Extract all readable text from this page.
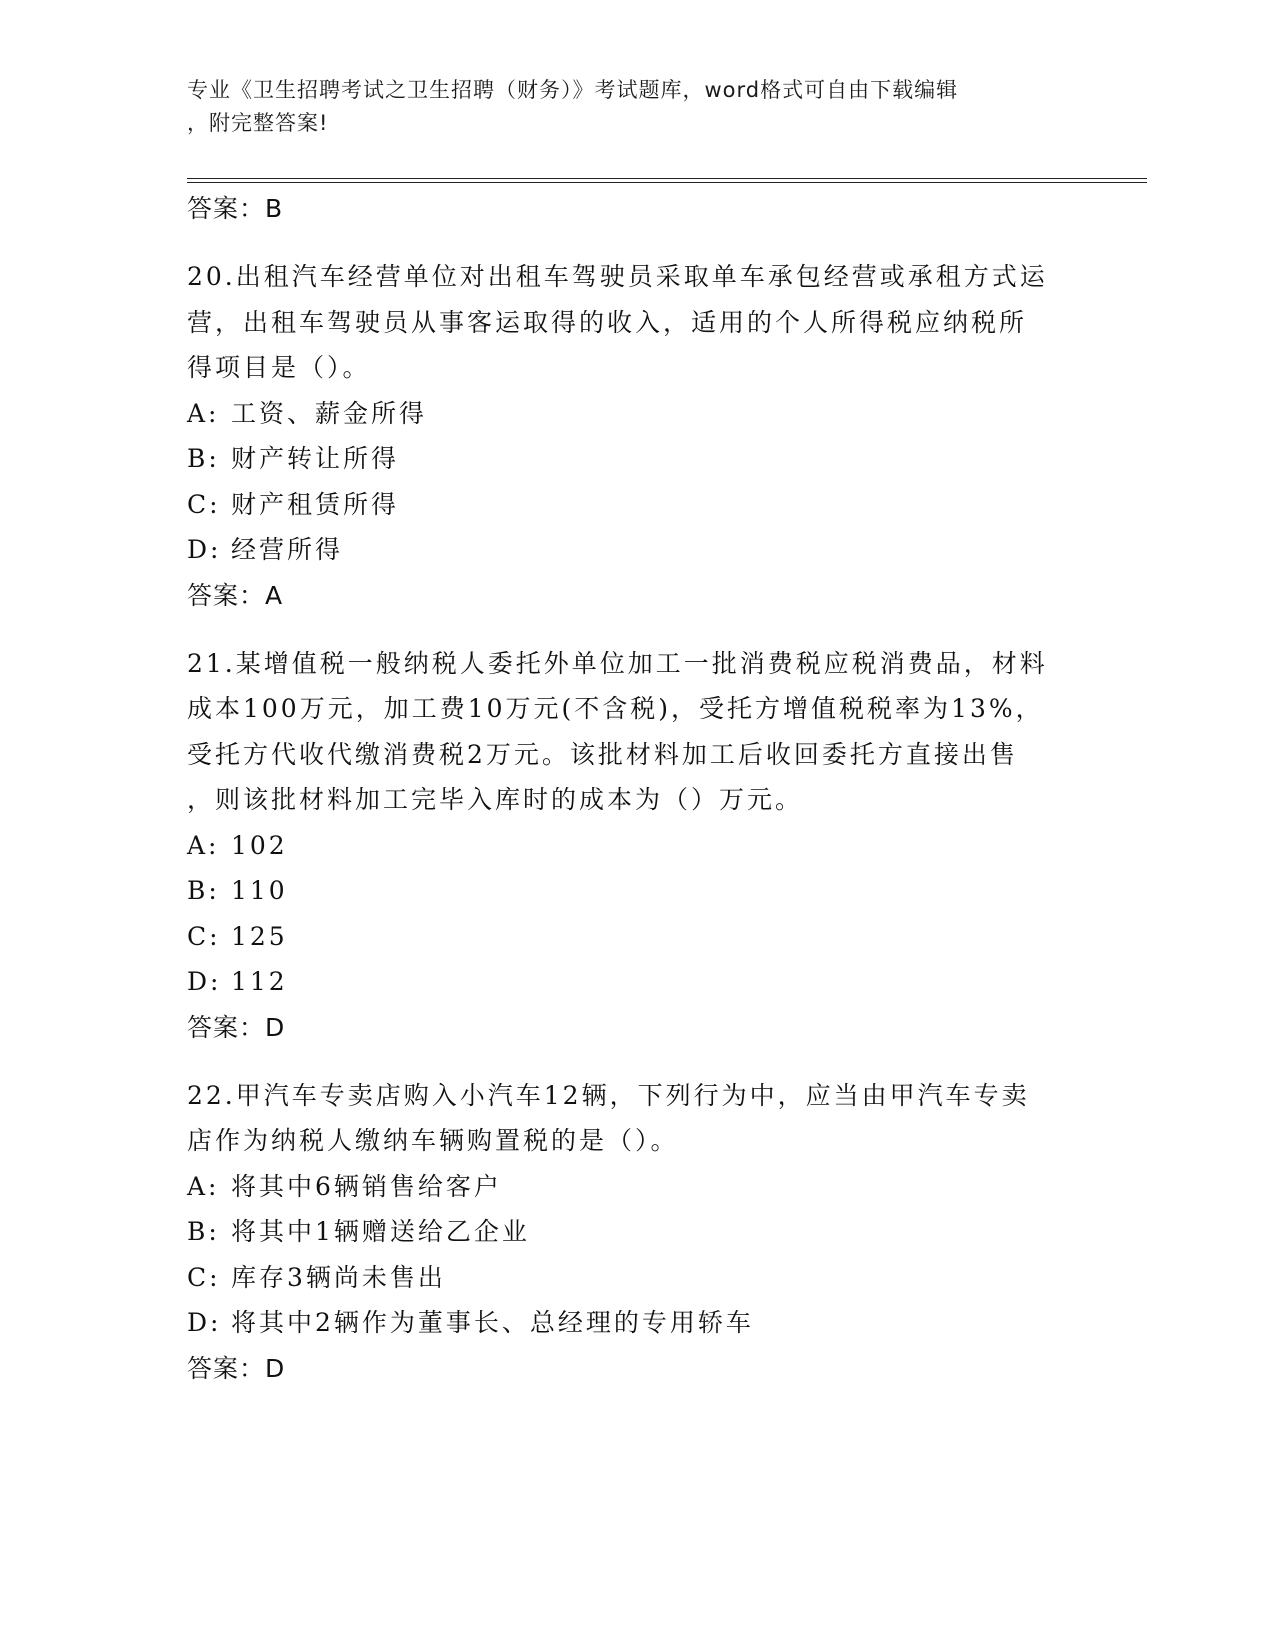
专业《卫生招聘考试之卫生招聘（财务）》考试题库，word格式可自由下载编辑
，附完整答案!
答案：B
20.出租汽车经营单位对出租车驾驶员采取单车承包经营或承租方式运
营，出租车驾驶员从事客运取得的收入，适用的个人所得税应纳税所
得项目是（）。
A: 工资、薪金所得
B: 财产转让所得
C: 财产租赁所得
D: 经营所得
答案：A
21.某增值税一般纳税人委托外单位加工一批消费税应税消费品，材料
成本100万元，加工费10万元(不含税)，受托方增值税税率为13%，
受托方代收代缴消费税2万元。该批材料加工后收回委托方直接出售
，则该批材料加工完毕入库时的成本为（）万元。
A: 102
B: 110
C: 125
D: 112
答案：D
22.甲汽车专卖店购入小汽车12辆，下列行为中，应当由甲汽车专卖
店作为纳税人缴纳车辆购置税的是（）。
A: 将其中6辆销售给客户
B: 将其中1辆赠送给乙企业
C: 库存3辆尚未售出
D: 将其中2辆作为董事长、总经理的专用轿车
答案：D
